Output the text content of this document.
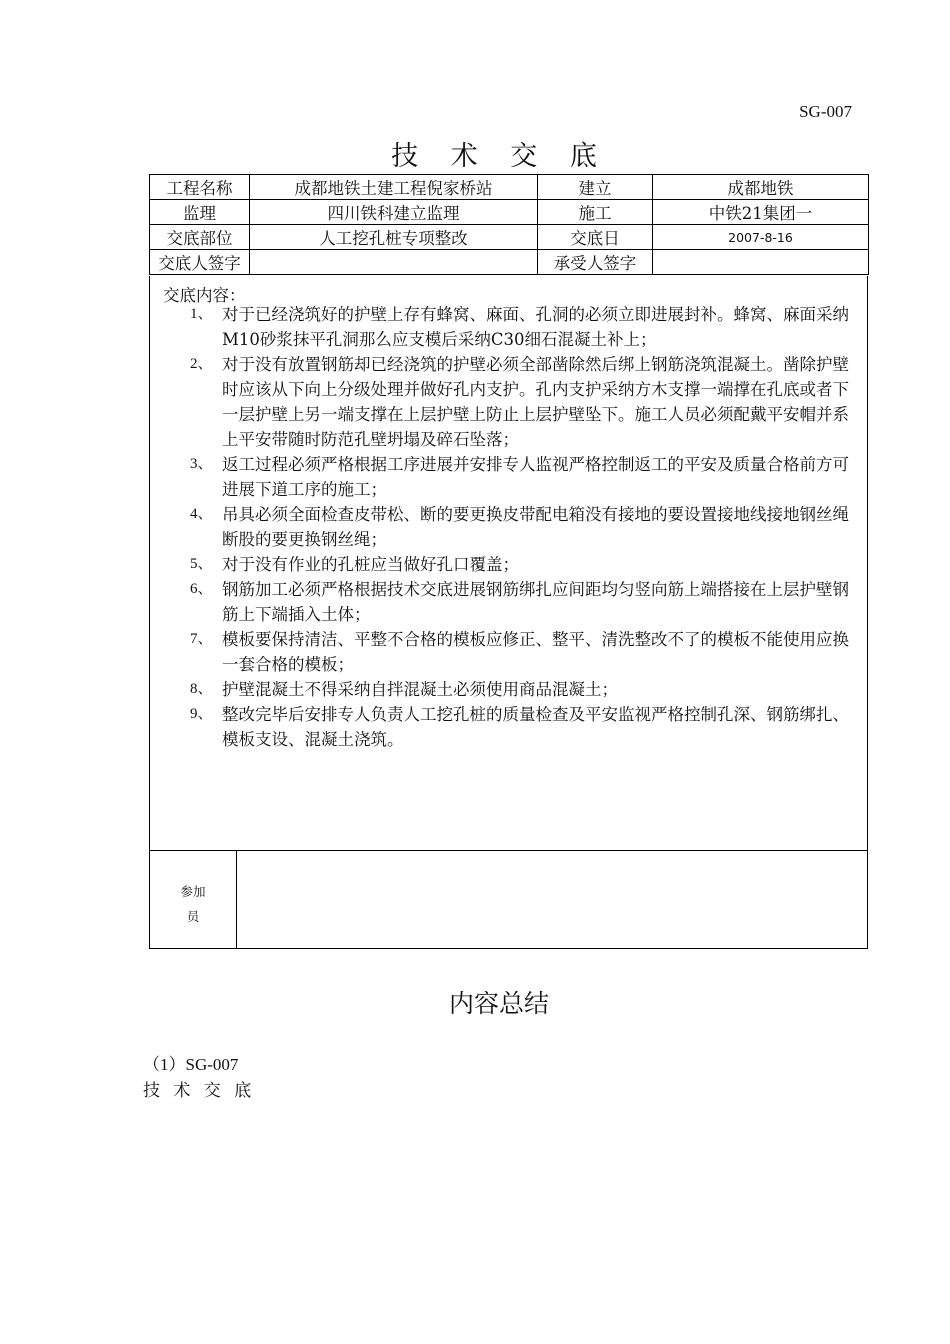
SG-007
技 术 交 底
工程名称	成都地铁土建工程倪家桥站	建立	成都地铁
监理	四川铁科建立监理	施工	中铁21集团一
交底部位	人工挖孔桩专项整改	交底日	2007-8-16
交底人签字		承受人签字	
交底内容：
1、 对于已经浇筑好的护壁上存有蜂窝、麻面、孔洞的必须立即进展封补。蜂窝、麻面采纳M10砂浆抹平孔洞那么应支模后采纳C30细石混凝土补上；
2、 对于没有放置钢筋却已经浇筑的护壁必须全部凿除然后绑上钢筋浇筑混凝土。凿除护壁时应该从下向上分级处理并做好孔内支护。孔内支护采纳方木支撑一端撑在孔底或者下一层护壁上另一端支撑在上层护壁上防止上层护壁坠下。施工人员必须配戴平安帽并系上平安带随时防范孔壁坍塌及碎石坠落；
3、 返工过程必须严格根据工序进展并安排专人监视严格控制返工的平安及质量合格前方可进展下道工序的施工；
4、 吊具必须全面检查皮带松、断的要更换皮带配电箱没有接地的要设置接地线接地钢丝绳断股的要更换钢丝绳；
5、 对于没有作业的孔桩应当做好孔口覆盖；
6、 钢筋加工必须严格根据技术交底进展钢筋绑扎应间距均匀竖向筋上端搭接在上层护壁钢筋上下端插入土体；
7、 模板要保持清洁、平整不合格的模板应修正、整平、清洗整改不了的模板不能使用应换一套合格的模板；
8、 护壁混凝土不得采纳自拌混凝土必须使用商品混凝土；
9、 整改完毕后安排专人负责人工挖孔桩的质量检查及平安监视严格控制孔深、钢筋绑扎、模板支设、混凝土浇筑。
参加
员
内容总结
（1）SG-007
技 术 交 底
